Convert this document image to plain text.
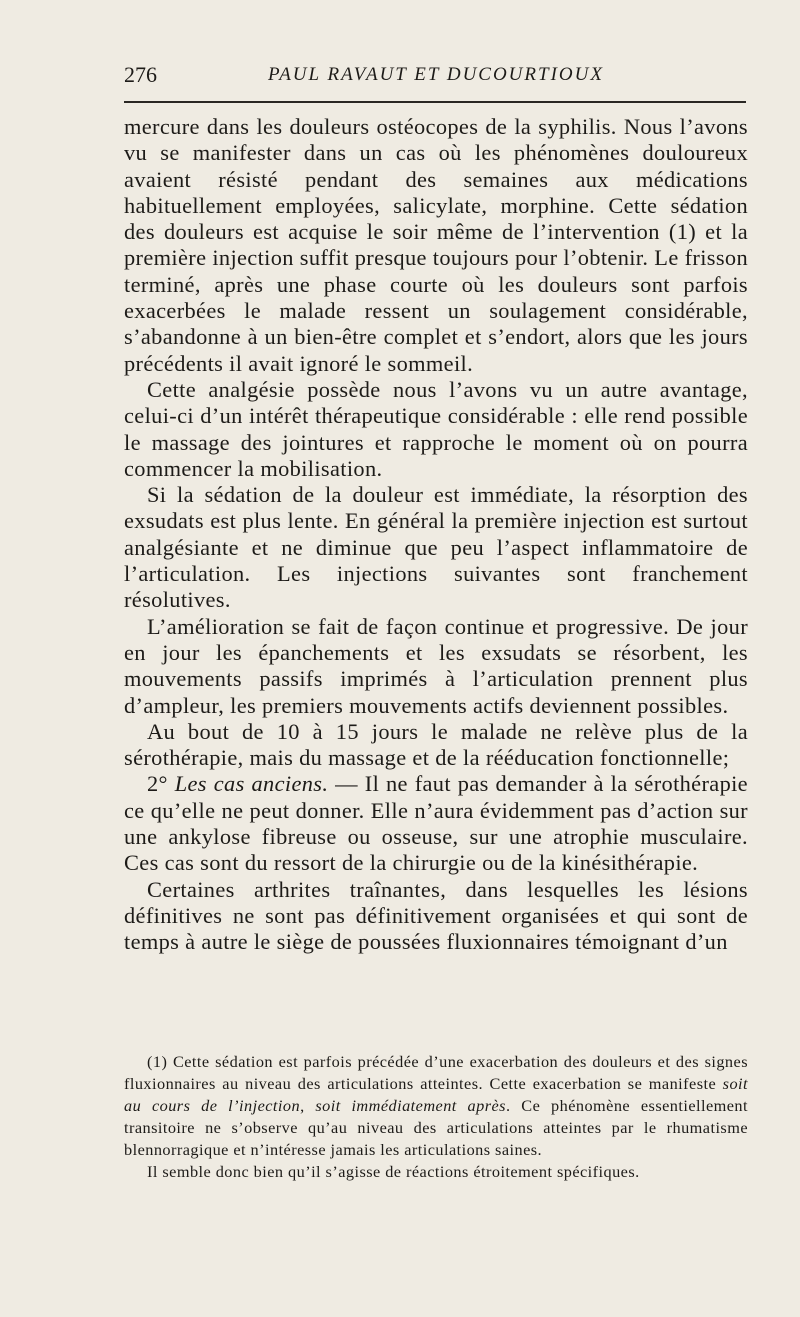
276	PAUL RAVAUT ET DUCOURTIOUX

mercure dans les douleurs ostéocopes de la syphilis. Nous l’avons vu se manifester dans un cas où les phénomènes douloureux avaient résisté pendant des semaines aux médications habituellement employées, salicylate, morphine. Cette sédation des douleurs est acquise le soir même de l’intervention (1) et la première injection suffit presque toujours pour l’obtenir. Le frisson terminé, après une phase courte où les douleurs sont parfois exacerbées le malade ressent un soulagement considérable, s’abandonne à un bien-être complet et s’endort, alors que les jours précédents il avait ignoré le sommeil.

Cette analgésie possède nous l’avons vu un autre avantage, celui-ci d’un intérêt thérapeutique considérable : elle rend possible le massage des jointures et rapproche le moment où on pourra commencer la mobilisation.

Si la sédation de la douleur est immédiate, la résorption des exsudats est plus lente. En général la première injection est surtout analgésiante et ne diminue que peu l’aspect inflammatoire de l’articulation. Les injections suivantes sont franchement résolutives.

L’amélioration se fait de façon continue et progressive. De jour en jour les épanchements et les exsudats se résorbent, les mouvements passifs imprimés à l’articulation prennent plus d’ampleur, les premiers mouvements actifs deviennent possibles.

Au bout de 10 à 15 jours le malade ne relève plus de la sérothérapie, mais du massage et de la rééducation fonctionnelle;

2° Les cas anciens. — Il ne faut pas demander à la sérothérapie ce qu’elle ne peut donner. Elle n’aura évidemment pas d’action sur une ankylose fibreuse ou osseuse, sur une atrophie musculaire. Ces cas sont du ressort de la chirurgie ou de la kinésithérapie.

Certaines arthrites traînantes, dans lesquelles les lésions définitives ne sont pas définitivement organisées et qui sont de temps à autre le siège de poussées fluxionnaires témoignant d’un

(1) Cette sédation est parfois précédée d’une exacerbation des douleurs et des signes fluxionnaires au niveau des articulations atteintes. Cette exacerbation se manifeste soit au cours de l’injection, soit immédiatement après. Ce phénomène essentiellement transitoire ne s’observe qu’au niveau des articulations atteintes par le rhumatisme blennorragique et n’intéresse jamais les articulations saines.

Il semble donc bien qu’il s’agisse de réactions étroitement spécifiques.
